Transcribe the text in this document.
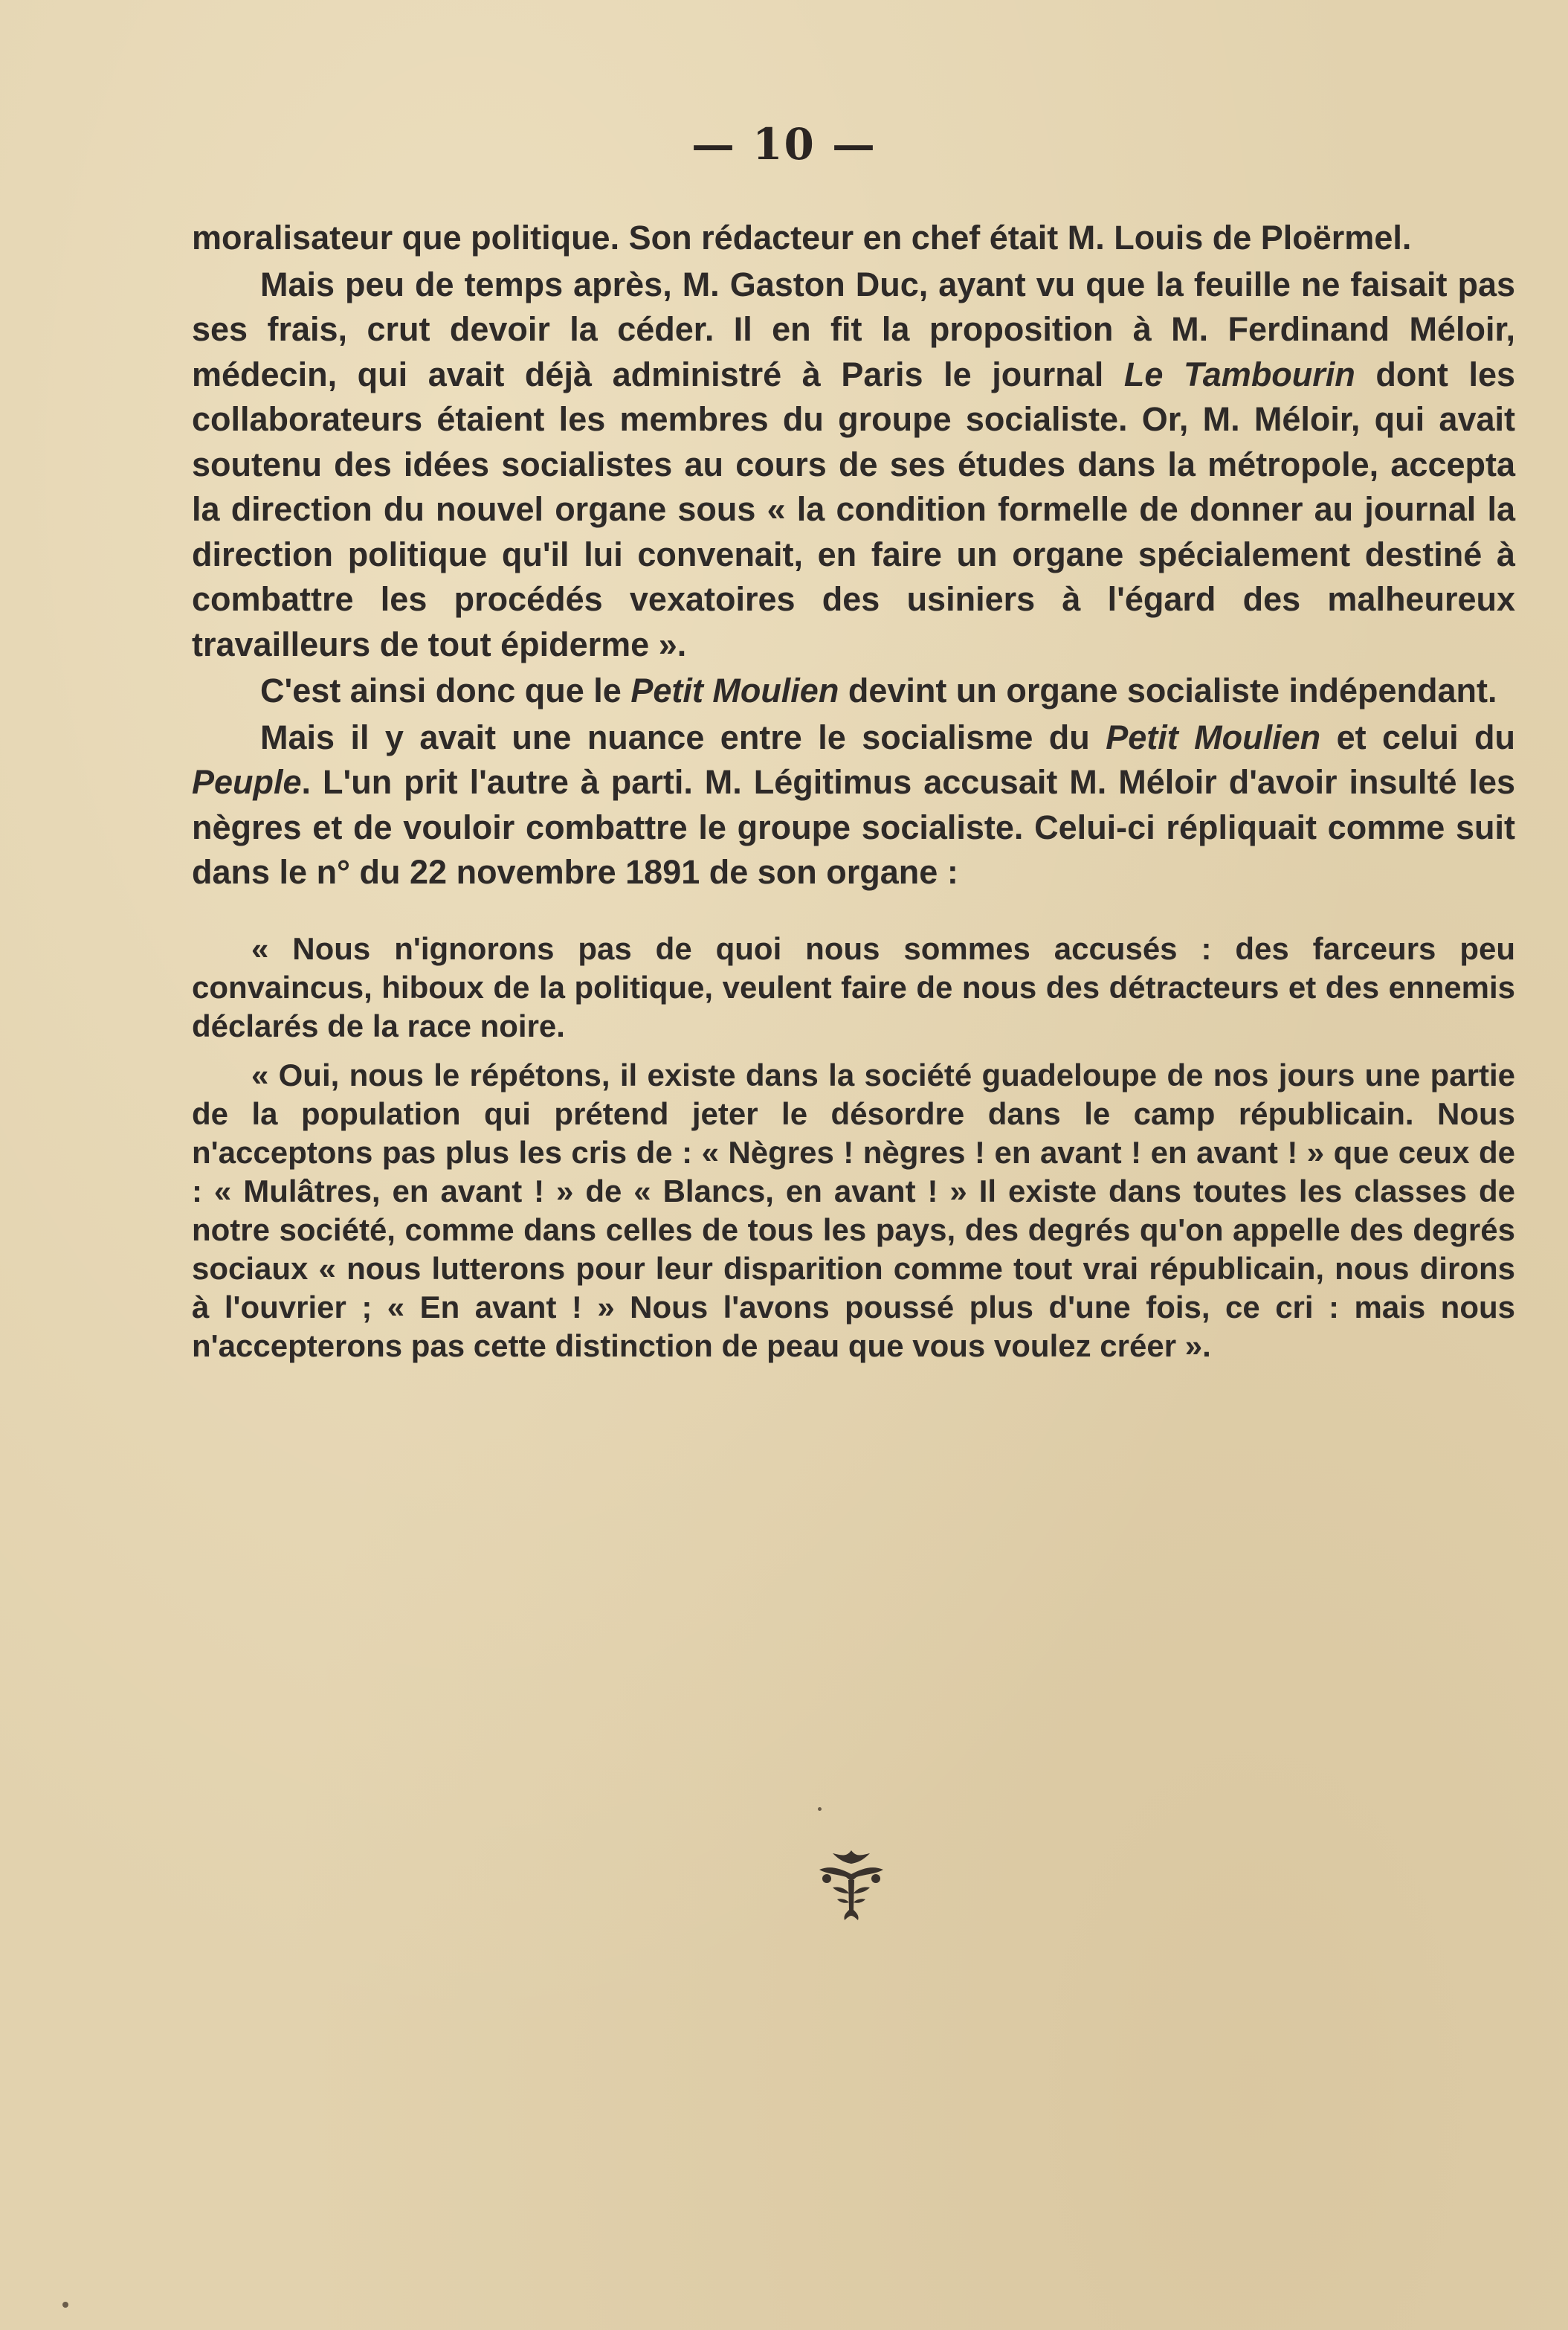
— 10 —

moralisateur que politique. Son rédacteur en chef était M. Louis de Ploërmel.

Mais peu de temps après, M. Gaston Duc, ayant vu que la feuille ne faisait pas ses frais, crut devoir la céder. Il en fit la proposition à M. Ferdinand Méloir, médecin, qui avait déjà administré à Paris le journal Le Tambourin dont les collaborateurs étaient les membres du groupe socialiste. Or, M. Méloir, qui avait soutenu des idées socialistes au cours de ses études dans la métropole, accepta la direction du nouvel organe sous « la condition formelle de donner au journal la direction politique qu'il lui convenait, en faire un organe spécialement destiné à combattre les procédés vexatoires des usiniers à l'égard des malheureux travailleurs de tout épiderme ».

C'est ainsi donc que le Petit Moulien devint un organe socialiste indépendant.

Mais il y avait une nuance entre le socialisme du Petit Moulien et celui du Peuple. L'un prit l'autre à parti. M. Légitimus accusait M. Méloir d'avoir insulté les nègres et de vouloir combattre le groupe socialiste. Celui-ci répliquait comme suit dans le n° du 22 novembre 1891 de son organe :

« Nous n'ignorons pas de quoi nous sommes accusés : des farceurs peu convaincus, hiboux de la politique, veulent faire de nous des détracteurs et des ennemis déclarés de la race noire.

« Oui, nous le répétons, il existe dans la société guadeloupe de nos jours une partie de la population qui prétend jeter le désordre dans le camp républicain. Nous n'acceptons pas plus les cris de : « Nègres ! nègres ! en avant ! en avant ! » que ceux de : « Mulâtres, en avant ! » de « Blancs, en avant ! » Il existe dans toutes les classes de notre société, comme dans celles de tous les pays, des degrés qu'on appelle des degrés sociaux « nous lutterons pour leur disparition comme tout vrai républicain, nous dirons à l'ouvrier ; « En avant ! » Nous l'avons poussé plus d'une fois, ce cri : mais nous n'accepterons pas cette distinction de peau que vous voulez créer ».
